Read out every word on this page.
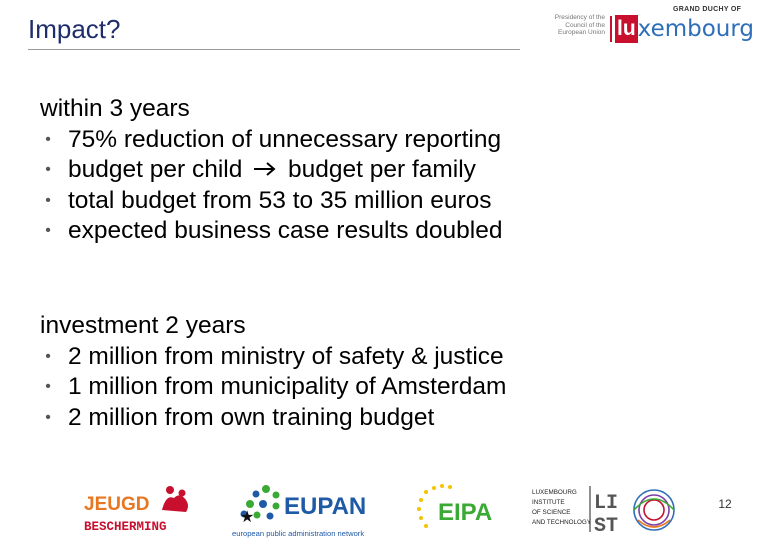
Impact?	Presidency of the Council of the European Union
GRAND DUCHY OF
luxembourg
within 3 years
• 75% reduction of unnecessary reporting
• budget per child budget per family
• total budget from 53 to 35 million euros
• expected business case results doubled
investment 2 years
• 2 million from ministry of safety & justice
• 1 million from municipality of Amsterdam
• 2 million from own training budget
12
JEUGD
BESCHERMING
★ EUPAN
european public administration network
EIPA
LUXEMBOURG
INSTITUTE
OF SCIENCE
AND TECHNOLOGY
LI
ST
